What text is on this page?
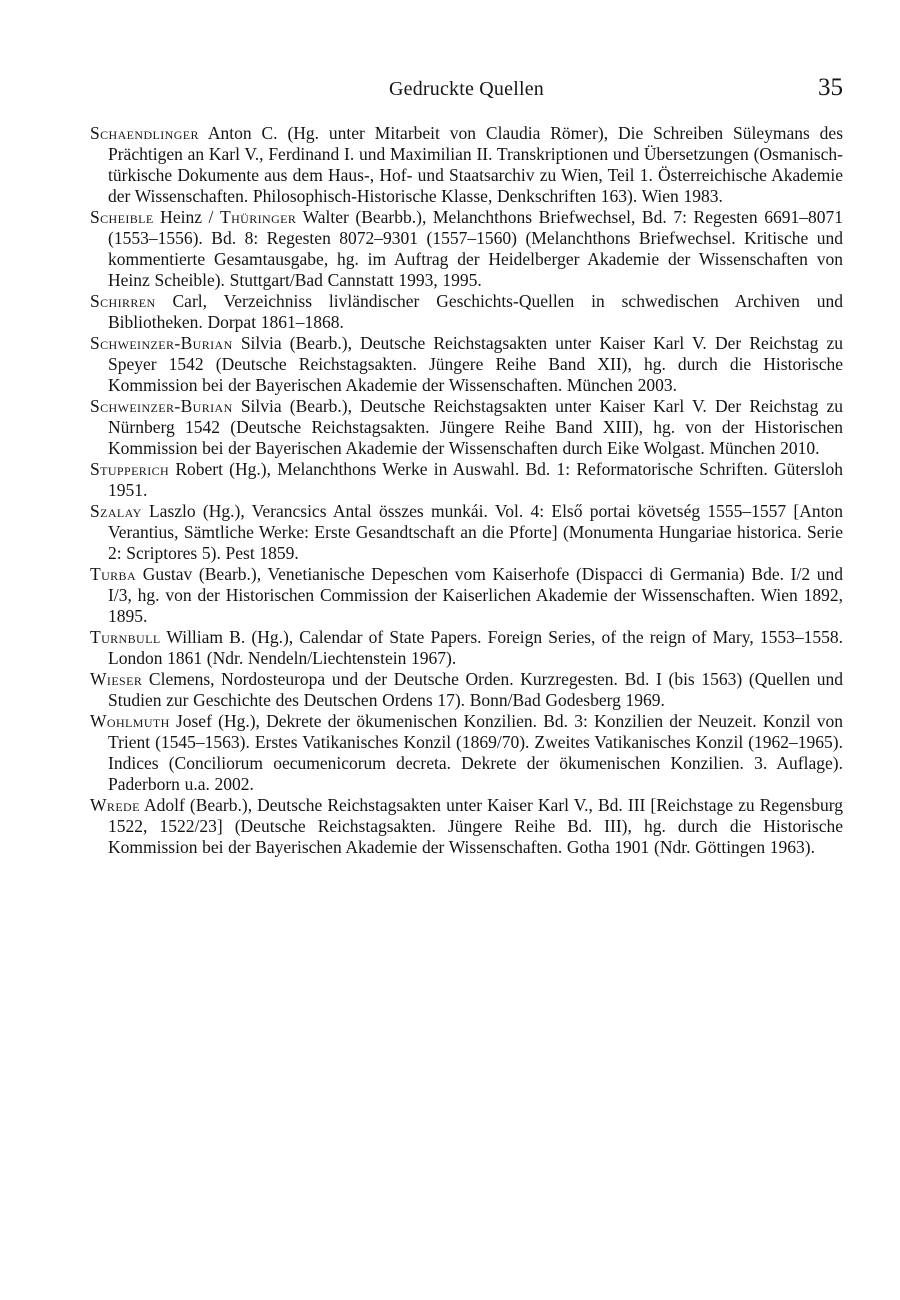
Gedruckte Quellen	35

Schaendlinger Anton C. (Hg. unter Mitarbeit von Claudia Römer), Die Schreiben Süleymans des Prächtigen an Karl V., Ferdinand I. und Maximilian II. Transkriptionen und Übersetzungen (Osmanisch-türkische Dokumente aus dem Haus-, Hof- und Staatsarchiv zu Wien, Teil 1. Österreichische Akademie der Wissenschaften. Philosophisch-Historische Klasse, Denkschriften 163). Wien 1983.

Scheible Heinz / Thüringer Walter (Bearbb.), Melanchthons Briefwechsel, Bd. 7: Regesten 6691–8071 (1553–1556). Bd. 8: Regesten 8072–9301 (1557–1560) (Melanchthons Briefwechsel. Kritische und kommentierte Gesamtausgabe, hg. im Auftrag der Heidelberger Akademie der Wissenschaften von Heinz Scheible). Stuttgart/Bad Cannstatt 1993, 1995.

Schirren Carl, Verzeichniss livländischer Geschichts-Quellen in schwedischen Archiven und Bibliotheken. Dorpat 1861–1868.

Schweinzer-Burian Silvia (Bearb.), Deutsche Reichstagsakten unter Kaiser Karl V. Der Reichstag zu Speyer 1542 (Deutsche Reichstagsakten. Jüngere Reihe Band XII), hg. durch die Historische Kommission bei der Bayerischen Akademie der Wissenschaften. München 2003.

Schweinzer-Burian Silvia (Bearb.), Deutsche Reichstagsakten unter Kaiser Karl V. Der Reichstag zu Nürnberg 1542 (Deutsche Reichstagsakten. Jüngere Reihe Band XIII), hg. von der Historischen Kommission bei der Bayerischen Akademie der Wissenschaften durch Eike Wolgast. München 2010.

Stupperich Robert (Hg.), Melanchthons Werke in Auswahl. Bd. 1: Reformatorische Schriften. Gütersloh 1951.

Szalay Laszlo (Hg.), Verancsics Antal összes munkái. Vol. 4: Első portai követség 1555–1557 [Anton Verantius, Sämtliche Werke: Erste Gesandtschaft an die Pforte] (Monumenta Hungariae historica. Serie 2: Scriptores 5). Pest 1859.

Turba Gustav (Bearb.), Venetianische Depeschen vom Kaiserhofe (Dispacci di Germania) Bde. I/2 und I/3, hg. von der Historischen Commission der Kaiserlichen Akademie der Wissenschaften. Wien 1892, 1895.

Turnbull William B. (Hg.), Calendar of State Papers. Foreign Series, of the reign of Mary, 1553–1558. London 1861 (Ndr. Nendeln/Liechtenstein 1967).

Wieser Clemens, Nordosteuropa und der Deutsche Orden. Kurzregesten. Bd. I (bis 1563) (Quellen und Studien zur Geschichte des Deutschen Ordens 17). Bonn/Bad Godesberg 1969.

Wohlmuth Josef (Hg.), Dekrete der ökumenischen Konzilien. Bd. 3: Konzilien der Neuzeit. Konzil von Trient (1545–1563). Erstes Vatikanisches Konzil (1869/70). Zweites Vatikanisches Konzil (1962–1965). Indices (Conciliorum oecumenicorum decreta. Dekrete der ökumenischen Konzilien. 3. Auflage). Paderborn u.a. 2002.

Wrede Adolf (Bearb.), Deutsche Reichstagsakten unter Kaiser Karl V., Bd. III [Reichstage zu Regensburg 1522, 1522/23] (Deutsche Reichstagsakten. Jüngere Reihe Bd. III), hg. durch die Historische Kommission bei der Bayerischen Akademie der Wissenschaften. Gotha 1901 (Ndr. Göttingen 1963).
